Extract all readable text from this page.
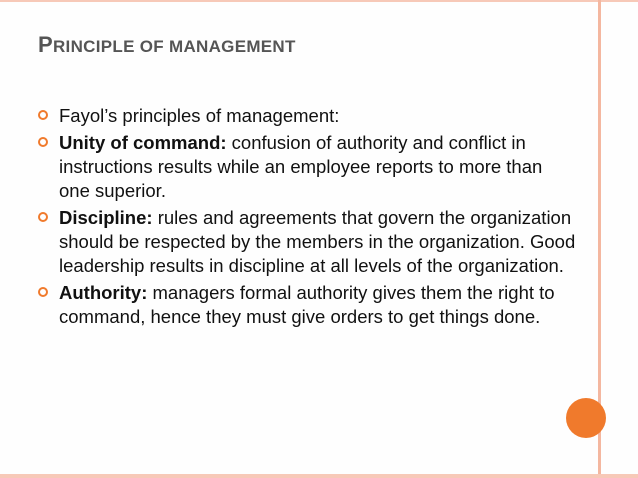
PRINCIPLE OF MANAGEMENT
Fayol’s principles of management:
Unity of command: confusion of authority and conflict in instructions results while an employee reports to more than one superior.
Discipline: rules and agreements that govern the organization should be respected by the members in the organization. Good leadership results in discipline at all levels of the organization.
Authority: managers formal authority gives them the right to command, hence they must give orders to get things done.
